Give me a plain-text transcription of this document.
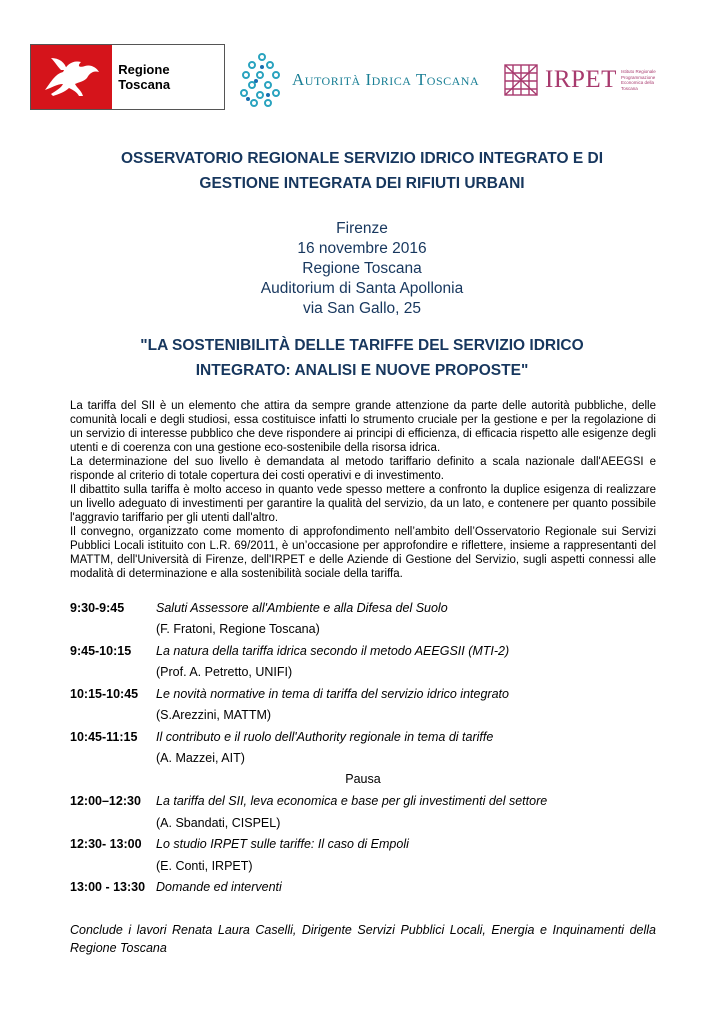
Regione Toscana	Autorità Idrica Toscana	IRPET Istituto Regionale Programmazione Economica della Toscana
OSSERVATORIO REGIONALE SERVIZIO IDRICO INTEGRATO E DI
GESTIONE INTEGRATA DEI RIFIUTI URBANI
Firenze
16 novembre 2016
Regione Toscana
Auditorium di Santa Apollonia
via San Gallo, 25
"LA SOSTENIBILITÀ DELLE TARIFFE DEL SERVIZIO IDRICO
INTEGRATO: ANALISI E NUOVE PROPOSTE"

La tariffa del SII è un elemento che attira da sempre grande attenzione da parte delle autorità pubbliche, delle comunità locali e degli studiosi, essa costituisce infatti lo strumento cruciale per la gestione e per la regolazione di un servizio di interesse pubblico che deve rispondere ai principi di efficienza, di efficacia rispetto alle esigenze degli utenti e di coerenza con una gestione eco-sostenibile della risorsa idrica.

La determinazione del suo livello è demandata al metodo tariffario definito a scala nazionale dall'AEEGSI e risponde al criterio di totale copertura dei costi operativi e di investimento.

Il dibattito sulla tariffa è molto acceso in quanto vede spesso mettere a confronto la duplice esigenza di realizzare un livello adeguato di investimenti per garantire la qualità del servizio, da un lato, e contenere per quanto possibile l'aggravio tariffario per gli utenti dall'altro.

Il convegno, organizzato come momento di approfondimento nell’ambito dell’Osservatorio Regionale sui Servizi Pubblici Locali istituito con L.R. 69/2011, è un’occasione per approfondire e riflettere, insieme a rappresentanti del MATTM, dell'Università di Firenze, dell'IRPET e delle Aziende di Gestione del Servizio, sugli aspetti connessi alle modalità di determinazione e alla sostenibilità sociale della tariffa.

9:30-9:45	Saluti Assessore all'Ambiente e alla Difesa del Suolo
(F. Fratoni, Regione Toscana)
9:45-10:15	La natura della tariffa idrica secondo il metodo AEEGSII (MTI-2)
(Prof. A. Petretto, UNIFI)
10:15-10:45	Le novità normative in tema di tariffa del servizio idrico integrato
(S.Arezzini, MATTM)
10:45-11:15	Il contributo e il ruolo dell'Authority regionale in tema di tariffe
(A. Mazzei, AIT)
Pausa
12:00–12:30	La tariffa del SII, leva economica e base per gli investimenti del settore
(A. Sbandati, CISPEL)
12:30- 13:00	Lo studio IRPET sulle tariffe: Il caso di Empoli
(E. Conti, IRPET)
13:00 - 13:30 Domande ed interventi
Conclude i lavori Renata Laura Caselli, Dirigente Servizi Pubblici Locali, Energia e Inquinamenti della Regione Toscana
